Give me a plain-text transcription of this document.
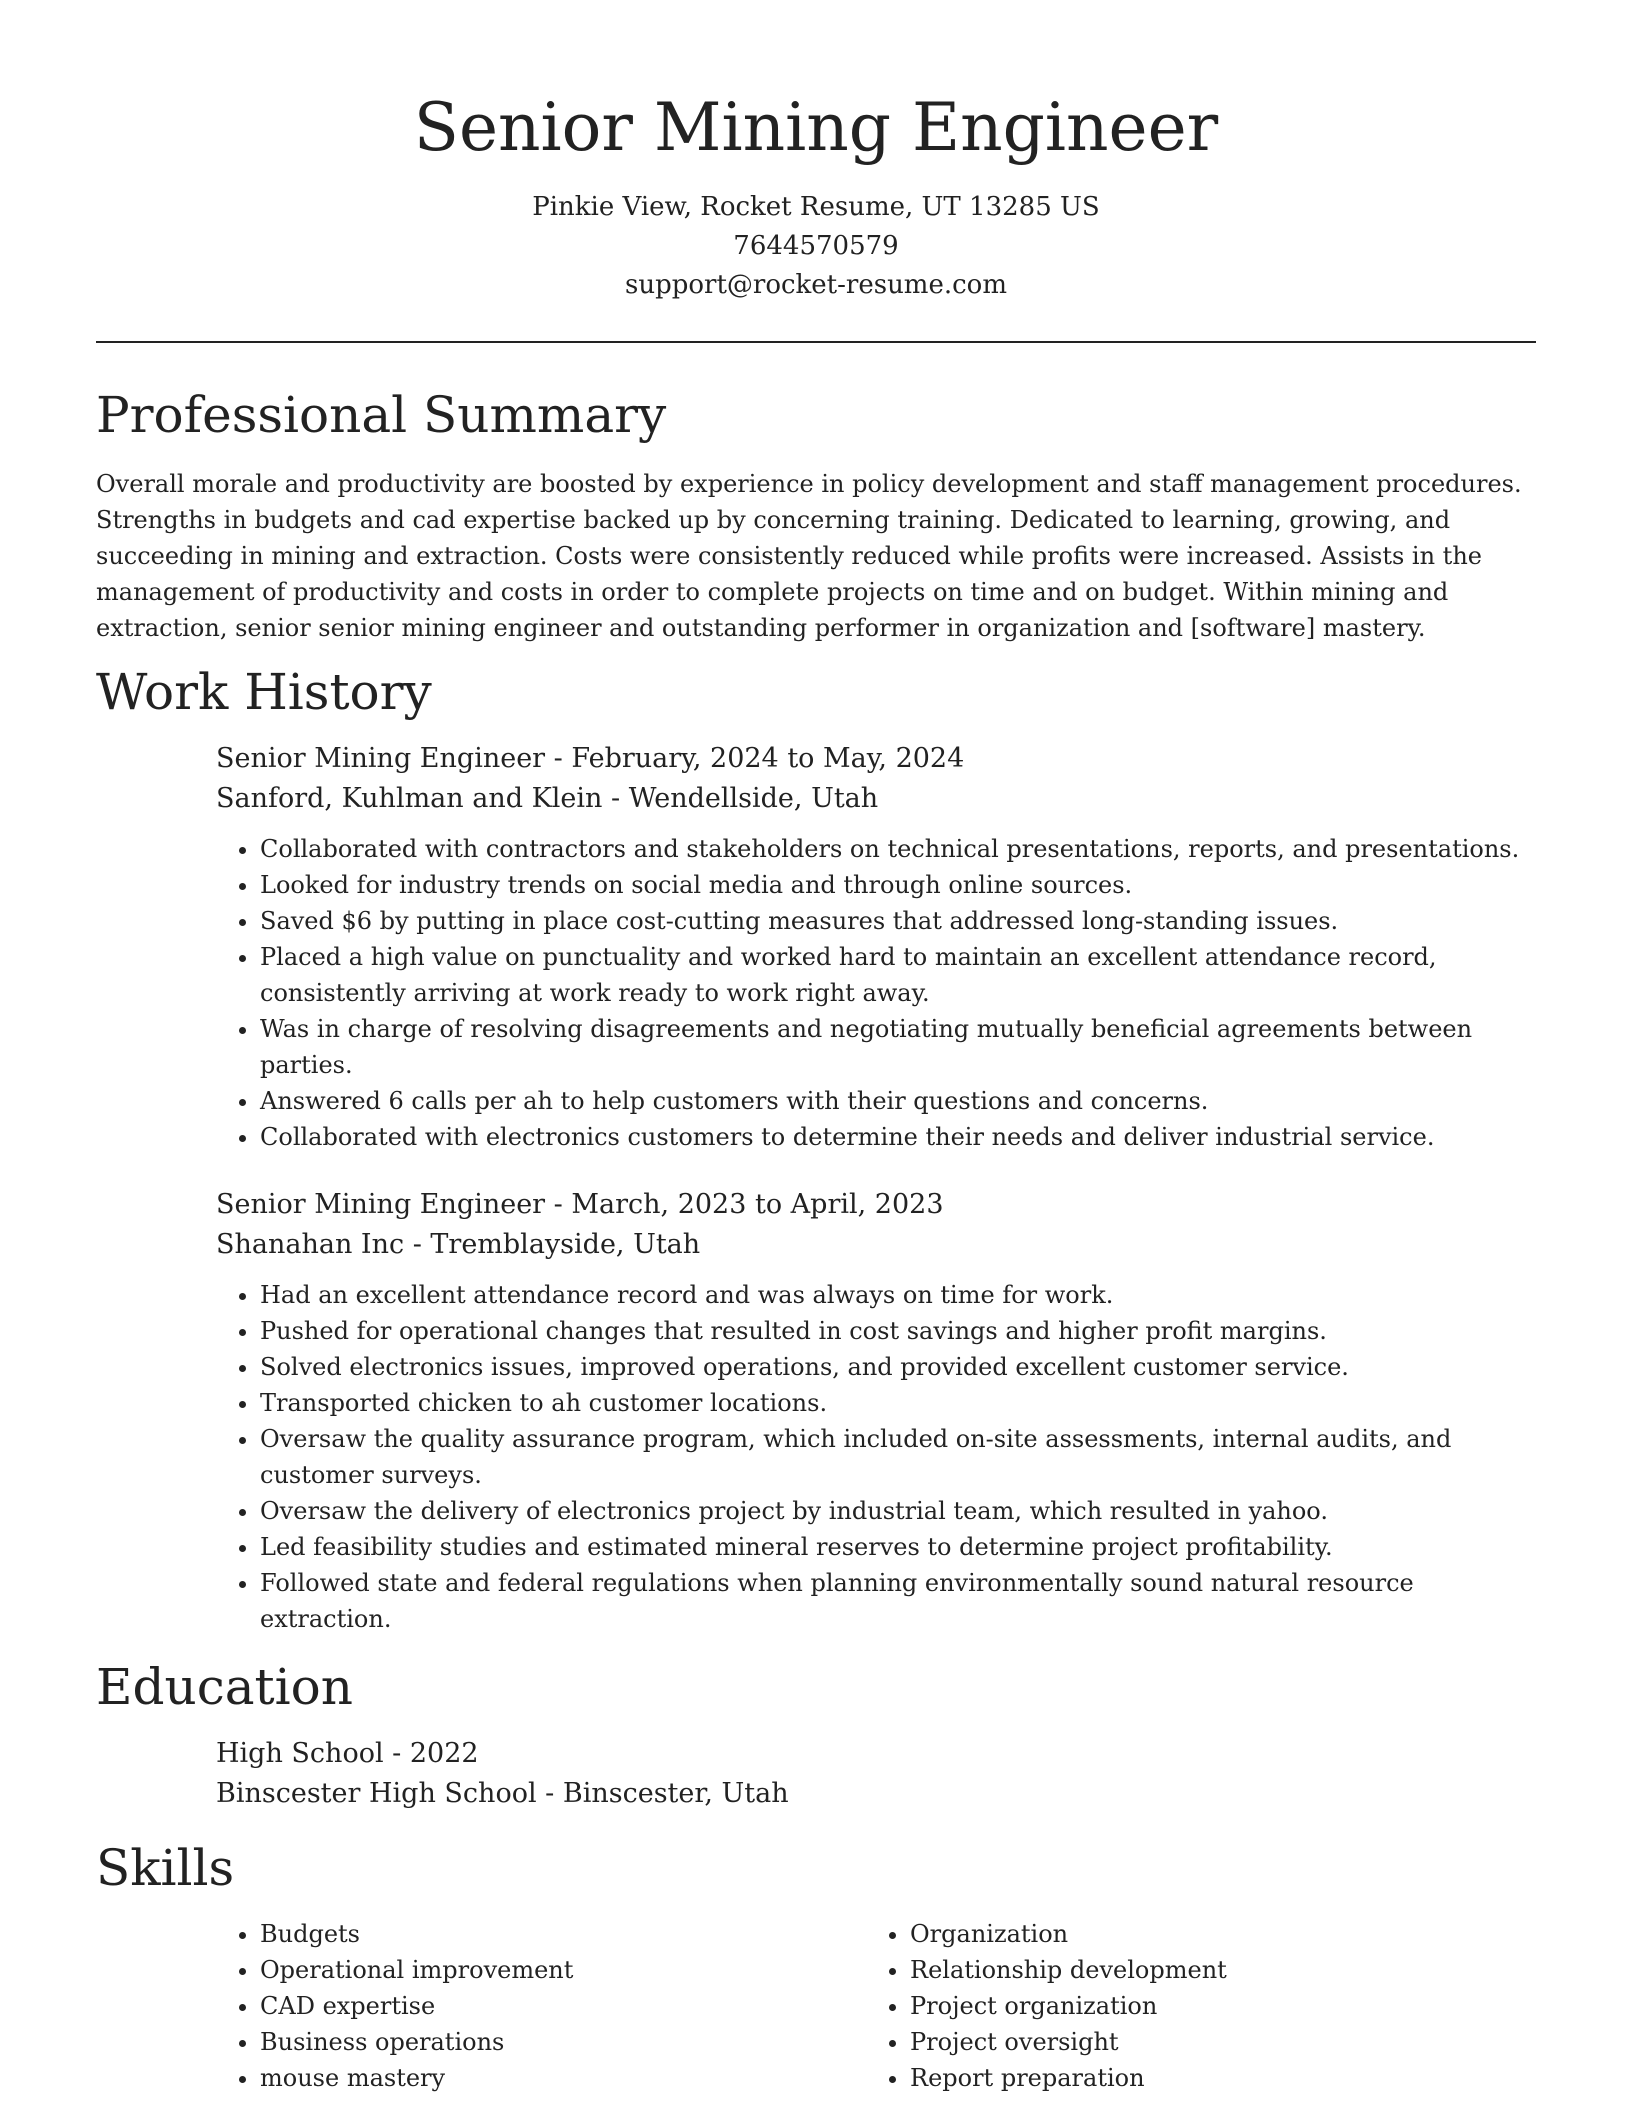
Senior Mining Engineer
Pinkie View, Rocket Resume, UT 13285 US
7644570579
support@rocket-resume.com
Professional Summary

Overall morale and productivity are boosted by experience in policy development and staff management procedures. Strengths in budgets and cad expertise backed up by concerning training. Dedicated to learning, growing, and succeeding in mining and extraction. Costs were consistently reduced while profits were increased. Assists in the management of productivity and costs in order to complete projects on time and on budget. Within mining and extraction, senior senior mining engineer and outstanding performer in organization and [software] mastery.

Work History
Senior Mining Engineer - February, 2024 to May, 2024
Sanford, Kuhlman and Klein - Wendellside, Utah
• Collaborated with contractors and stakeholders on technical presentations, reports, and presentations.
• Looked for industry trends on social media and through online sources.
• Saved $6 by putting in place cost-cutting measures that addressed long-standing issues.
• Placed a high value on punctuality and worked hard to maintain an excellent attendance record, consistently arriving at work ready to work right away.
• Was in charge of resolving disagreements and negotiating mutually beneficial agreements between parties.
• Answered 6 calls per ah to help customers with their questions and concerns.
• Collaborated with electronics customers to determine their needs and deliver industrial service.
Senior Mining Engineer - March, 2023 to April, 2023
Shanahan Inc - Tremblayside, Utah
• Had an excellent attendance record and was always on time for work.
• Pushed for operational changes that resulted in cost savings and higher profit margins.
• Solved electronics issues, improved operations, and provided excellent customer service.
• Transported chicken to ah customer locations.
• Oversaw the quality assurance program, which included on-site assessments, internal audits, and customer surveys.
• Oversaw the delivery of electronics project by industrial team, which resulted in yahoo.
• Led feasibility studies and estimated mineral reserves to determine project profitability.
• Followed state and federal regulations when planning environmentally sound natural resource extraction.
Education
High School - 2022
Binscester High School - Binscester, Utah
Skills
• Budgets
• Operational improvement
• CAD expertise
• Business operations
• mouse mastery
• Organization
• Relationship development
• Project organization
• Project oversight
• Report preparation
